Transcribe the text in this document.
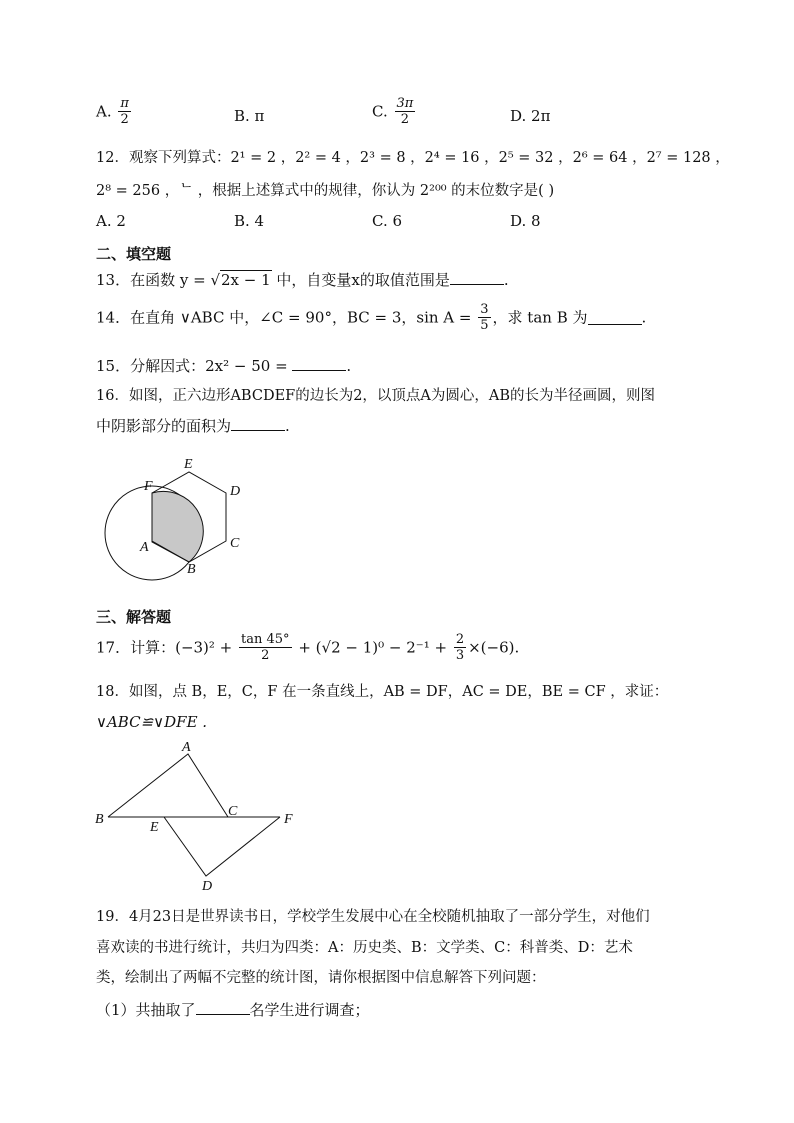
A. $\frac{\pi}{2}$	B. π	C. $\frac{3\pi}{2}$	D. 2π
12．观察下列算式：2¹ = 2 ，2² = 4 ，2³ = 8 ，2⁴ = 16 ，2⁵ = 32 ，2⁶ = 64 ，2⁷ = 128 ，
2⁸ = 256 ，ᄂ ，根据上述算式中的规律，你认为 2²⁰⁰ 的末位数字是( )
A. 2	B. 4	C. 6	D. 8
二、填空题
13．在函数 y = √2x − 1 中，自变量x的取值范围是	.
14．在直角 ∨ABC 中，∠C = 90°，BC = 3，$\sin A = \frac{3}{5}$ ，求 tan B 为	.
15．分解因式：2x² − 50 =	.
16．如图，正六边形ABCDEF的边长为2，以顶点A为圆心，AB的长为半径画圆，则图
中阴影部分的面积为	.
F
E
D
C
A
B
三、解答题
17．计算：$(-3)^2 + \frac{\tan 45^\circ}{2} + (√2 - 1)^0 - 2^{-1} + \frac{2}{3} \times(-6)$.
18．如图，点 B，E，C，F 在一条直线上，AB = DF，AC = DE，BE = CF ，求证：
∨ABC≌∨DFE .
A
B
C
E
F
D
19．4月23日是世界读书日，学校学生发展中心在全校随机抽取了一部分学生，对他们
喜欢读的书进行统计，共归为四类：A：历史类、B：文学类、C：科普类、D：艺术
类，绘制出了两幅不完整的统计图，请你根据图中信息解答下列问题：
（1）共抽取了	名学生进行调查；
